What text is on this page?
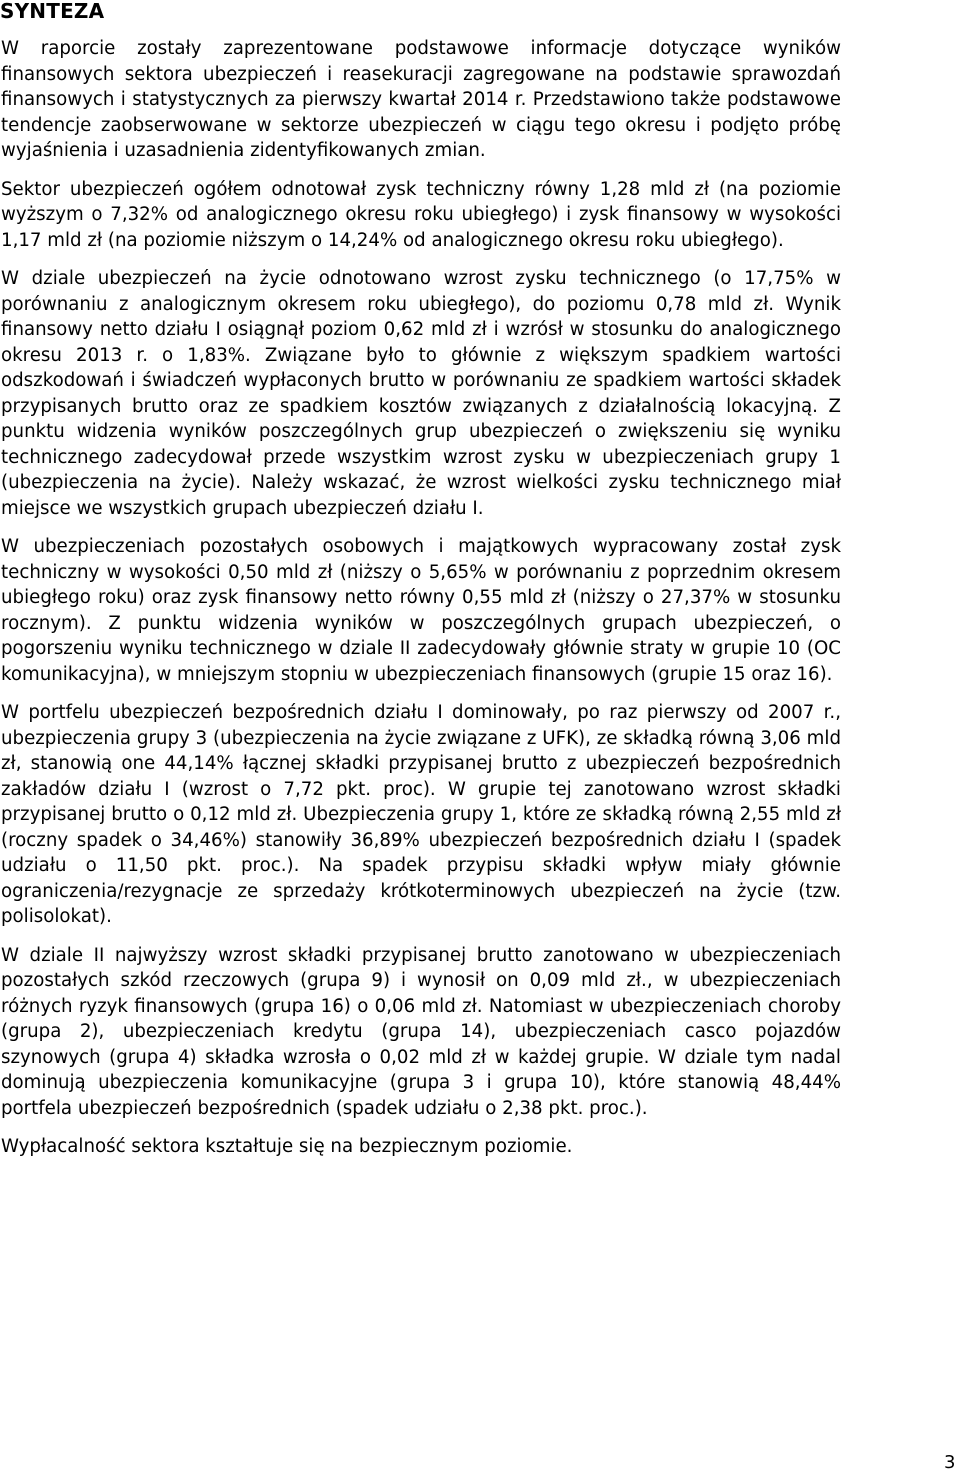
SYNTEZA

W raporcie zostały zaprezentowane podstawowe informacje dotyczące wyników finansowych sektora ubezpieczeń i reasekuracji zagregowane na podstawie sprawozdań finansowych i statystycznych za pierwszy kwartał 2014 r. Przedstawiono także podstawowe tendencje zaobserwowane w sektorze ubezpieczeń w ciągu tego okresu i podjęto próbę wyjaśnienia i uzasadnienia zidentyfikowanych zmian.

Sektor ubezpieczeń ogółem odnotował zysk techniczny równy 1,28 mld zł (na poziomie wyższym o 7,32% od analogicznego okresu roku ubiegłego) i zysk finansowy w wysokości 1,17 mld zł (na poziomie niższym o 14,24% od analogicznego okresu roku ubiegłego).

W dziale ubezpieczeń na życie odnotowano wzrost zysku technicznego (o 17,75% w porównaniu z analogicznym okresem roku ubiegłego), do poziomu 0,78 mld zł. Wynik finansowy netto działu I osiągnął poziom 0,62 mld zł i wzrósł w stosunku do analogicznego okresu 2013 r. o 1,83%. Związane było to głównie z większym spadkiem wartości odszkodowań i świadczeń wypłaconych brutto w porównaniu ze spadkiem wartości składek przypisanych brutto oraz ze spadkiem kosztów związanych z działalnością lokacyjną. Z punktu widzenia wyników poszczególnych grup ubezpieczeń o zwiększeniu się wyniku technicznego zadecydował przede wszystkim wzrost zysku w ubezpieczeniach grupy 1 (ubezpieczenia na życie). Należy wskazać, że wzrost wielkości zysku technicznego miał miejsce we wszystkich grupach ubezpieczeń działu I.

W ubezpieczeniach pozostałych osobowych i majątkowych wypracowany został zysk techniczny w wysokości 0,50 mld zł (niższy o 5,65% w porównaniu z poprzednim okresem ubiegłego roku) oraz zysk finansowy netto równy 0,55 mld zł (niższy o 27,37% w stosunku rocznym). Z punktu widzenia wyników w poszczególnych grupach ubezpieczeń, o pogorszeniu wyniku technicznego w dziale II zadecydowały głównie straty w grupie 10 (OC komunikacyjna), w mniejszym stopniu w ubezpieczeniach finansowych (grupie 15 oraz 16).

W portfelu ubezpieczeń bezpośrednich działu I dominowały, po raz pierwszy od 2007 r., ubezpieczenia grupy 3 (ubezpieczenia na życie związane z UFK), ze składką równą 3,06 mld zł, stanowią one 44,14% łącznej składki przypisanej brutto z ubezpieczeń bezpośrednich zakładów działu I (wzrost o 7,72 pkt. proc). W grupie tej zanotowano wzrost składki przypisanej brutto o 0,12 mld zł. Ubezpieczenia grupy 1, które ze składką równą 2,55 mld zł (roczny spadek o 34,46%) stanowiły 36,89% ubezpieczeń bezpośrednich działu I (spadek udziału o 11,50 pkt. proc.). Na spadek przypisu składki wpływ miały głównie ograniczenia/rezygnacje ze sprzedaży krótkoterminowych ubezpieczeń na życie (tzw. polisolokat).

W dziale II najwyższy wzrost składki przypisanej brutto zanotowano w ubezpieczeniach pozostałych szkód rzeczowych (grupa 9) i wynosił on 0,09 mld zł., w ubezpieczeniach różnych ryzyk finansowych (grupa 16) o 0,06 mld zł. Natomiast w ubezpieczeniach choroby (grupa 2), ubezpieczeniach kredytu (grupa 14), ubezpieczeniach casco pojazdów szynowych (grupa 4) składka wzrosła o 0,02 mld zł w każdej grupie. W dziale tym nadal dominują ubezpieczenia komunikacyjne (grupa 3 i grupa 10), które stanowią 48,44% portfela ubezpieczeń bezpośrednich (spadek udziału o 2,38 pkt. proc.).

Wypłacalność sektora kształtuje się na bezpiecznym poziomie.

3
